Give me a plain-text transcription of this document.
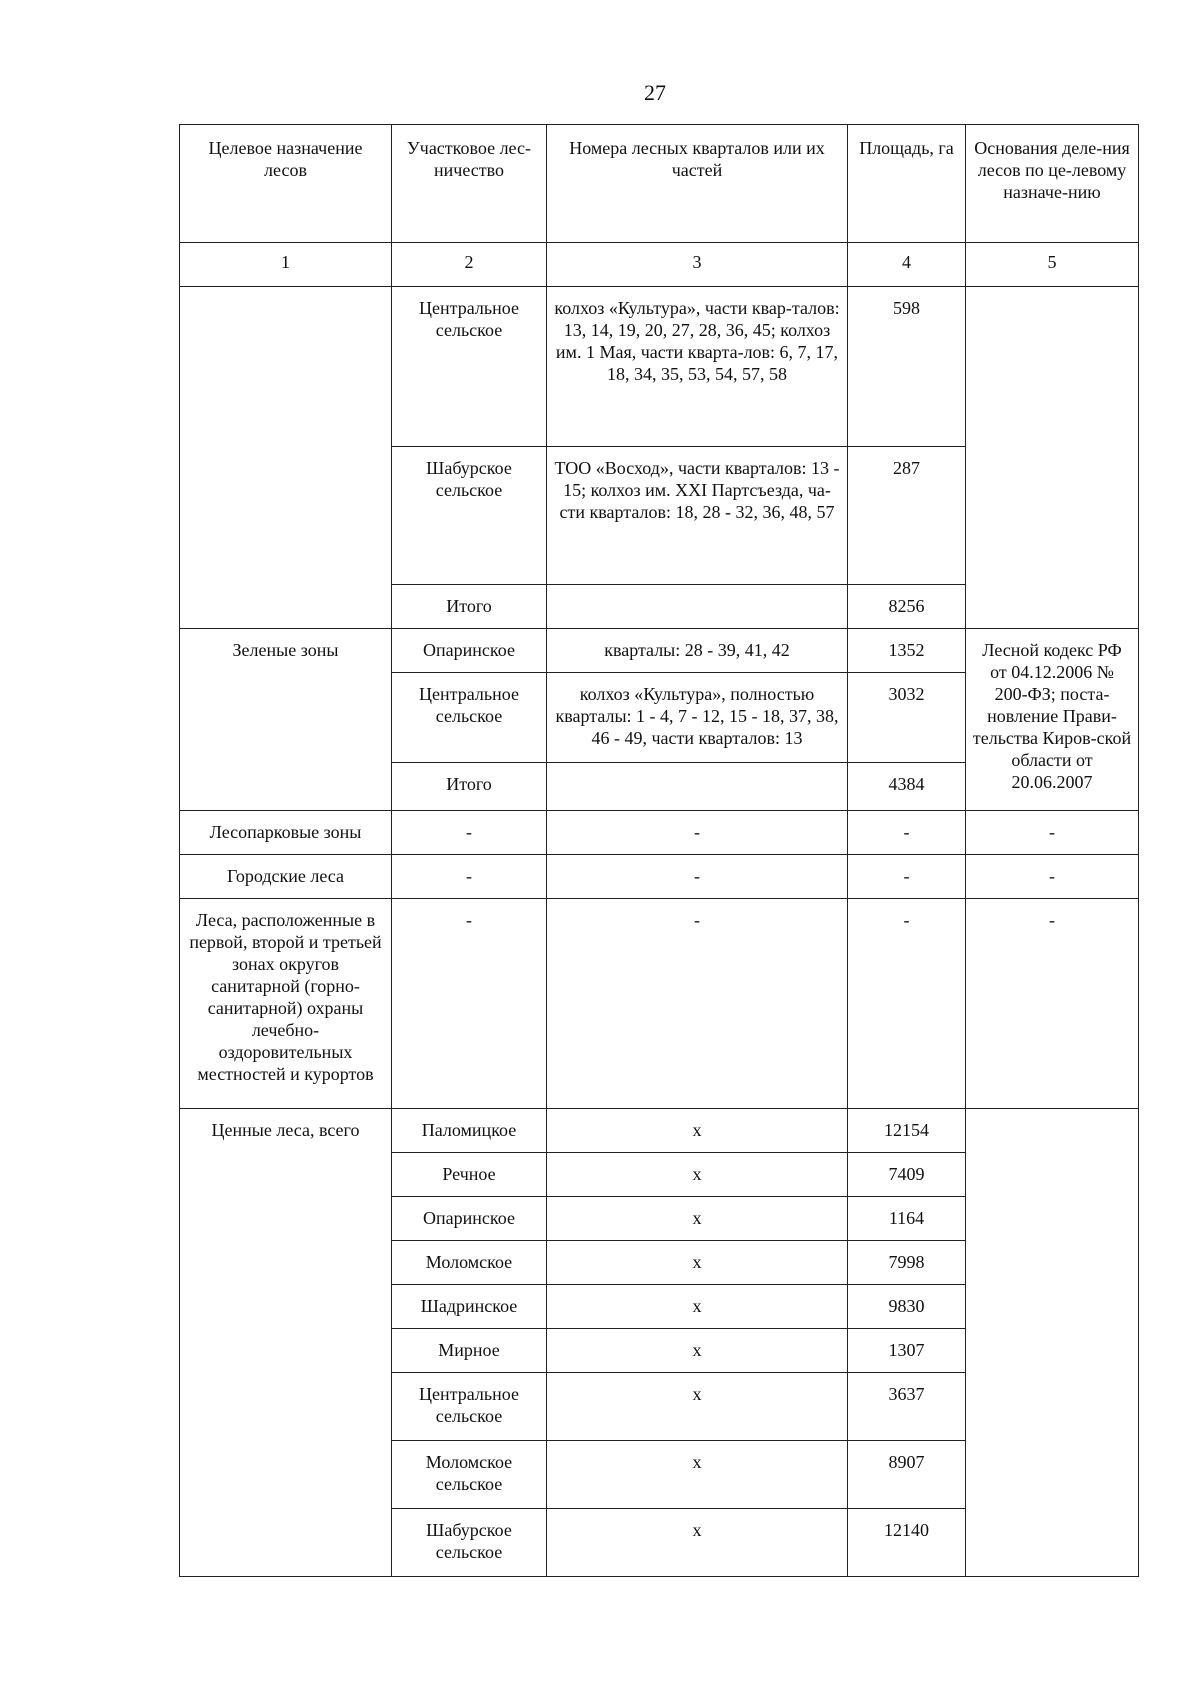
27
Целевое назначение лесов	Участковое лес-ничество	Номера лесных кварталов или их частей	Площадь, га	Основания деле-ния лесов по це-левому назначе-нию
1	2	3	4	5
	Центральное сельское	колхоз «Культура», части квар-талов: 13, 14, 19, 20, 27, 28, 36, 45; колхоз им. 1 Мая, части кварта-лов: 6, 7, 17, 18, 34, 35, 53, 54, 57, 58	598	
	Шабурское сельское	ТОО «Восход», части кварталов: 13 - 15; колхоз им. XXI Партсъезда, ча-сти кварталов: 18, 28 - 32, 36, 48, 57	287	
	Итого		8256	
Зеленые зоны	Опаринское	кварталы: 28 - 39, 41, 42	1352	Лесной кодекс РФ от 04.12.2006 № 200-ФЗ; поста-новление Прави-тельства Киров-ской области от 20.06.2007
	Центральное сельское	колхоз «Культура», полностью кварталы: 1 - 4, 7 - 12, 15 - 18, 37, 38, 46 - 49, части кварталов: 13	3032	
	Итого		4384	
Лесопарковые зоны	-	-	-	-
Городские леса	-	-	-	-
Леса, расположенные в первой, второй и третьей зонах округов санитарной (горно-санитарной) охраны лечебно-оздоровительных местностей и курортов	-	-	-	-
Ценные леса, всего	Паломицкое	х	12154	
	Речное	х	7409	
	Опаринское	х	1164	
	Моломское	х	7998	
	Шадринское	х	9830	
	Мирное	х	1307	
	Центральное сельское	х	3637	
	Моломское сельское	х	8907	
	Шабурское сельское	х	12140	
